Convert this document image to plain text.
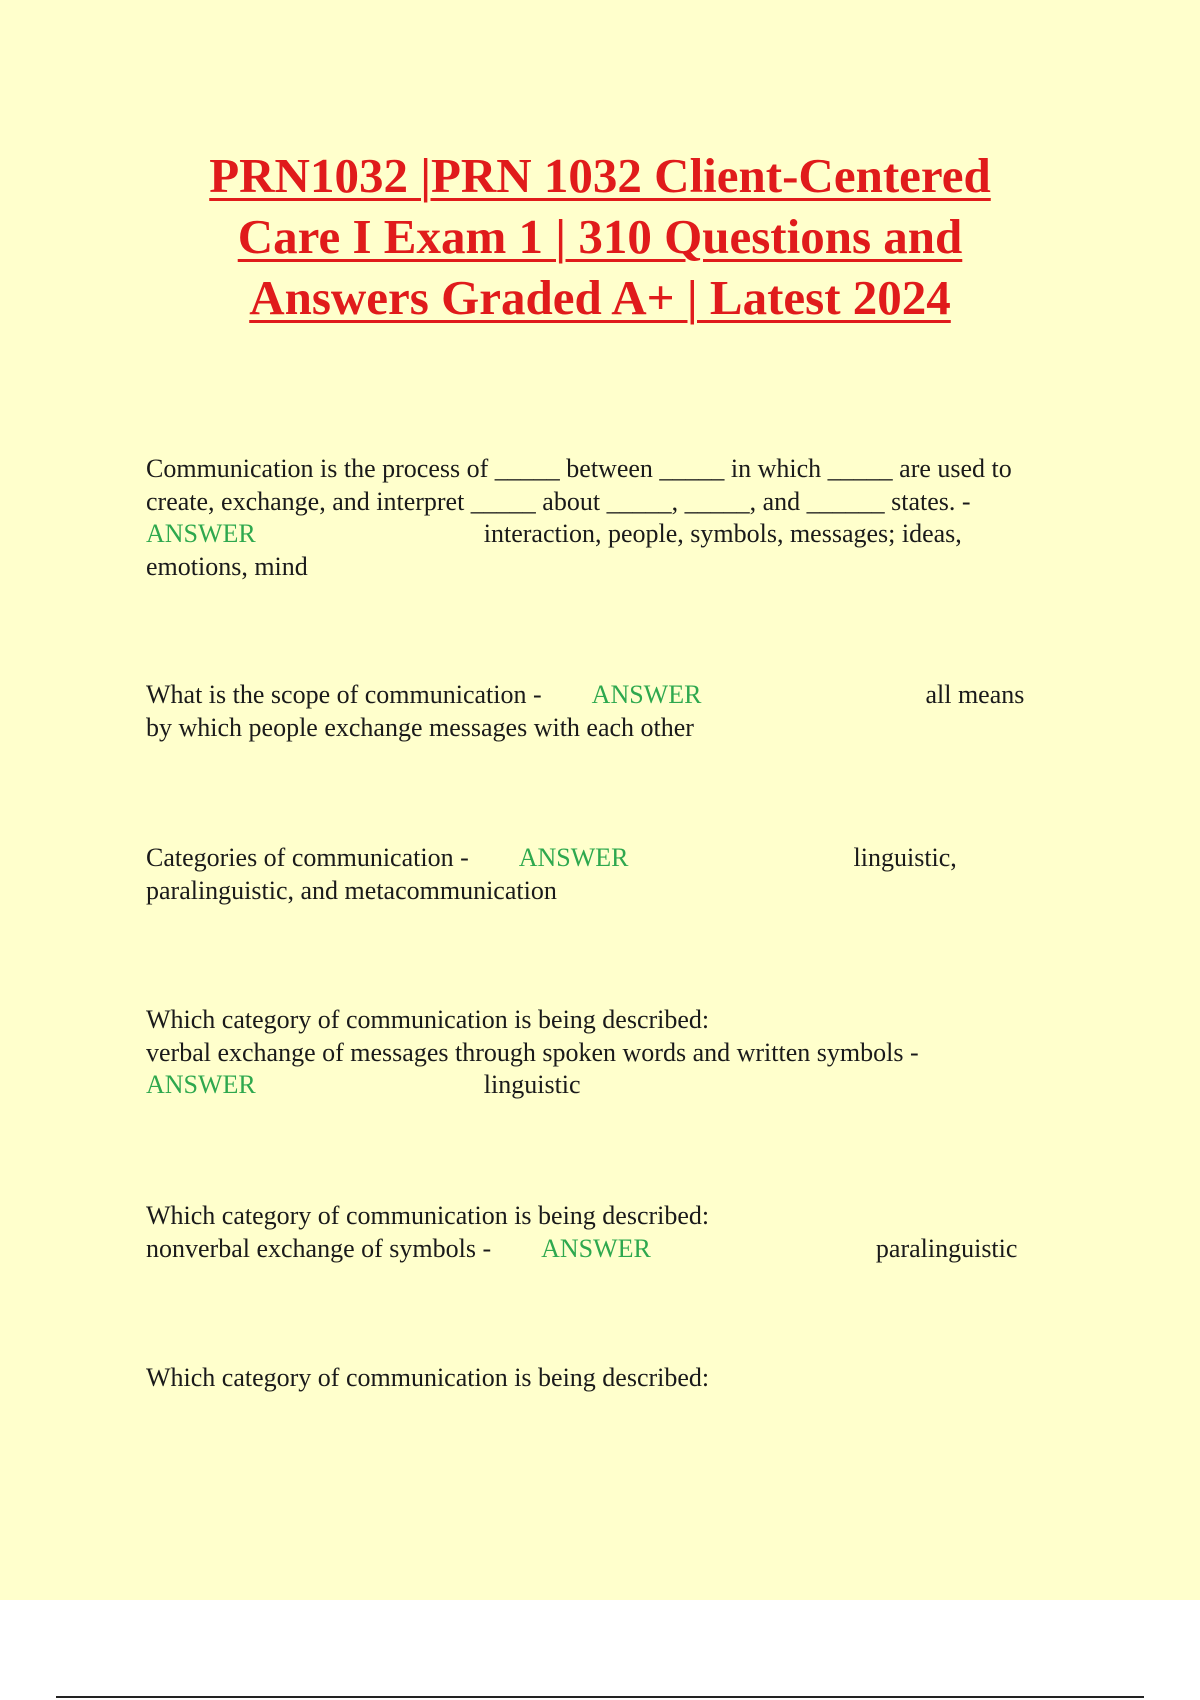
PRN1032 |PRN 1032 Client-Centered
Care I Exam 1 | 310 Questions and
Answers Graded A+ | Latest 2024
Communication is the process of _____ between _____ in which _____ are used to
create, exchange, and interpret _____ about _____, _____, and ______ states. -
ANSWER	interaction, people, symbols, messages; ideas,
emotions, mind
What is the scope of communication - ANSWER	all means
by which people exchange messages with each other
Categories of communication - ANSWER	linguistic,
paralinguistic, and metacommunication
Which category of communication is being described:
verbal exchange of messages through spoken words and written symbols -
ANSWER	linguistic
Which category of communication is being described:
nonverbal exchange of symbols - ANSWER	paralinguistic
Which category of communication is being described:
